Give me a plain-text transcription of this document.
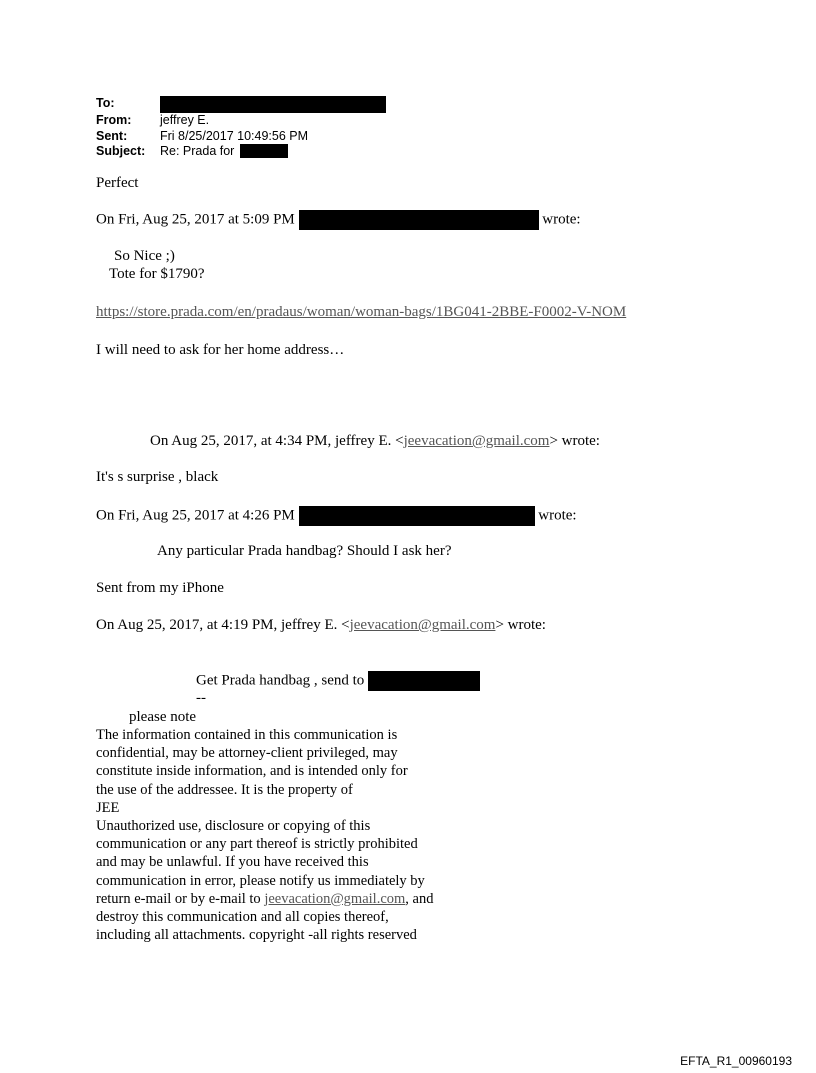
To:
From:	jeffrey E.
Sent:	Fri 8/25/2017 10:49:56 PM
Subject:	Re: Prada for
Perfect
On Fri, Aug 25, 2017 at 5:09 PM	wrote:
So Nice ;)
Tote for $1790?
https://store.prada.com/en/pradaus/woman/woman-bags/1BG041-2BBE-F0002-V-NOM
I will need to ask for her home address…
On Aug 25, 2017, at 4:34 PM, jeffrey E. <jeevacation@gmail.com> wrote:
It's s surprise , black
On Fri, Aug 25, 2017 at 4:26 PM	wrote:
Any particular Prada handbag? Should I ask her?
Sent from my iPhone
On Aug 25, 2017, at 4:19 PM, jeffrey E. <jeevacation@gmail.com> wrote:
Get Prada handbag , send to
--
please note
The information contained in this communication is
confidential, may be attorney-client privileged, may
constitute inside information, and is intended only for
the use of the addressee. It is the property of
JEE
Unauthorized use, disclosure or copying of this
communication or any part thereof is strictly prohibited
and may be unlawful. If you have received this
communication in error, please notify us immediately by
return e-mail or by e-mail to jeevacation@gmail.com, and
destroy this communication and all copies thereof,
including all attachments. copyright -all rights reserved
EFTA_R1_00960193
